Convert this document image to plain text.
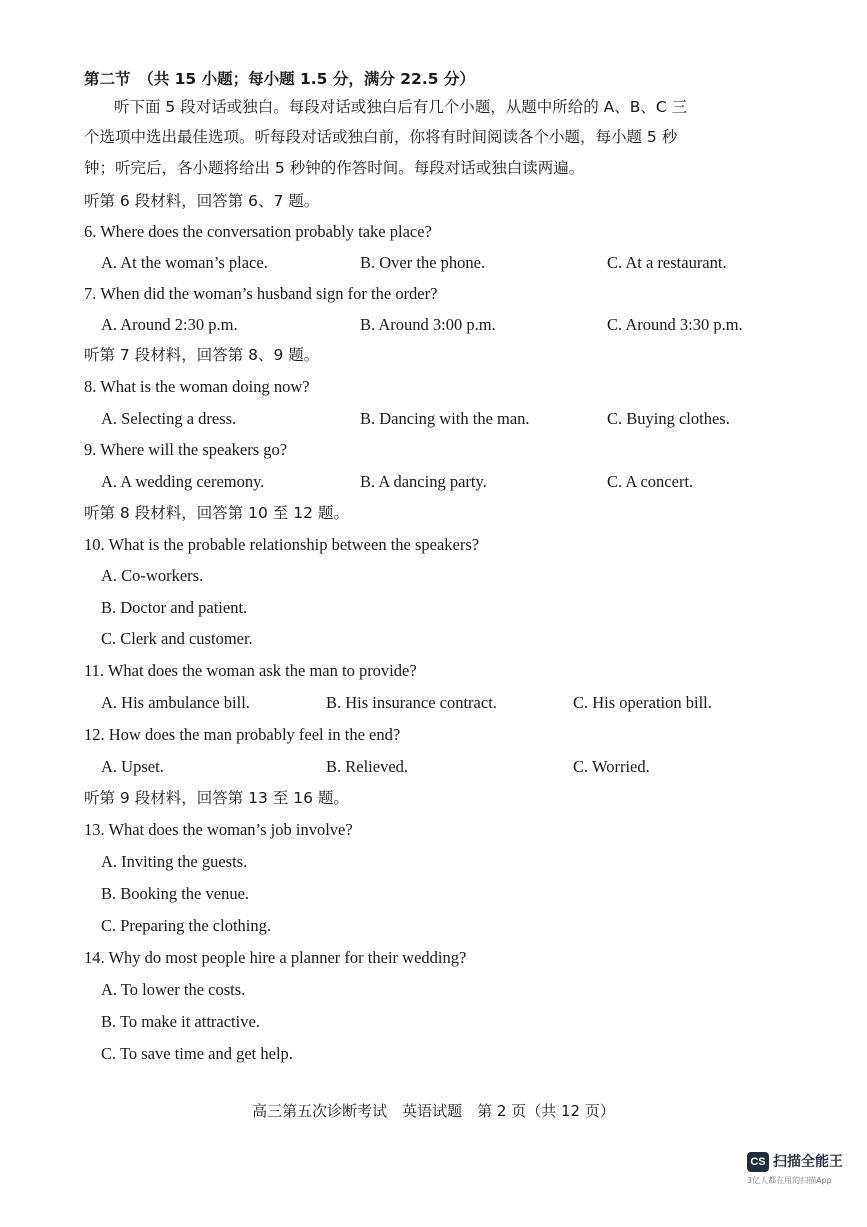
第二节　（共 15 小题；每小题 1.5 分，满分 22.5 分）
听下面 5 段对话或独白。每段对话或独白后有几个小题，从题中所给的 A、B、C 三
个选项中选出最佳选项。听每段对话或独白前，你将有时间阅读各个小题，每小题 5 秒
钟；听完后，各小题将给出 5 秒钟的作答时间。每段对话或独白读两遍。
听第 6 段材料，回答第 6、7 题。
6. Where does the conversation probably take place?
A. At the woman’s place.	B. Over the phone.	C. At a restaurant.
7. When did the woman’s husband sign for the order?
A. Around 2:30 p.m.	B. Around 3:00 p.m.	C. Around 3:30 p.m.
听第 7 段材料，回答第 8、9 题。
8. What is the woman doing now?
A. Selecting a dress.	B. Dancing with the man.	C. Buying clothes.
9. Where will the speakers go?
A. A wedding ceremony.	B. A dancing party.	C. A concert.
听第 8 段材料，回答第 10 至 12 题。
10. What is the probable relationship between the speakers?
A. Co-workers.
B. Doctor and patient.
C. Clerk and customer.
11. What does the woman ask the man to provide?
A. His ambulance bill.	B. His insurance contract.	C. His operation bill.
12. How does the man probably feel in the end?
A. Upset.	B. Relieved.	C. Worried.
听第 9 段材料，回答第 13 至 16 题。
13. What does the woman’s job involve?
A. Inviting the guests.
B. Booking the venue.
C. Preparing the clothing.
14. Why do most people hire a planner for their wedding?
A. To lower the costs.
B. To make it attractive.
C. To save time and get help.
高三第五次诊断考试　英语试题　第 2 页（共 12 页）
CS 扫描全能王
3亿人都在用的扫描App
